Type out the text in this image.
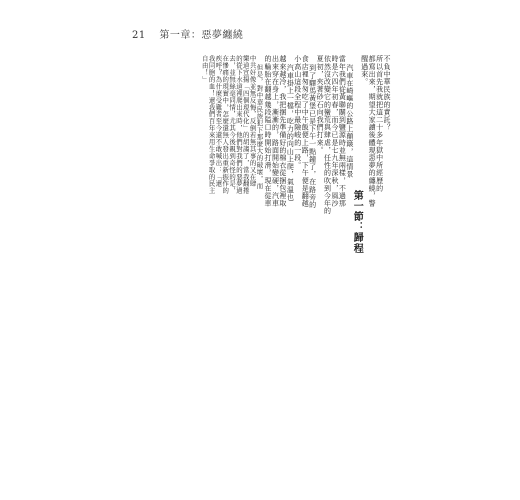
21 第一章：惡夢纏繞
不負中華民族的責託？
所以首先我就把這二十多年獄中所經歷的
都寫出來，期望大家讀後體現惡夢的纏繞，警
醒過來。
第一節：歸程
汽車在崎嶇的公路上顛簸，這情景
當年我們從黃聯關到鹽源時並無兩樣，不過那
時是六四年初春，而今已是七九年深秋，風沙
依然沒改變它的蠻荒與肆虐，任性的吹到今年的
夏初，夾著砂石向我們打來。
到了驛馬黃堡已是下午一點鐘了，在路旁的
食店裡匆匆吃了中午飯便上路，下午便是翻越
小高山這段全程中最險峻的一段。
汽車掛上一檔，吃力的向山上爬，氣溫也
越來越冷，我把捆先準備好的棉衣從捆包裡取
出來穿在身上，漸漸的，路面開始變硬，汽車
的輪胎在翻越幾段隘口時開始打滑，現在從車
但是，對中華民族犯下那麼大的破壞，而
中共奸像並無反悔，反倒若無其事的又在肆
樂道宣揚「四個現代化」的胡謅了，當我翻捲
的從下水道裡爬出來時，他們對我們的惡夢過
去，並無絲毫同情，尤其今後親到奇怪的是，
在慘痛的現實中，怎麼還無人發出重新振作的
疾呼？為什麼受難者至今還不敢喊出：「還
我同胞的血！還我們百年來用生命爭取的民主
自由！」
